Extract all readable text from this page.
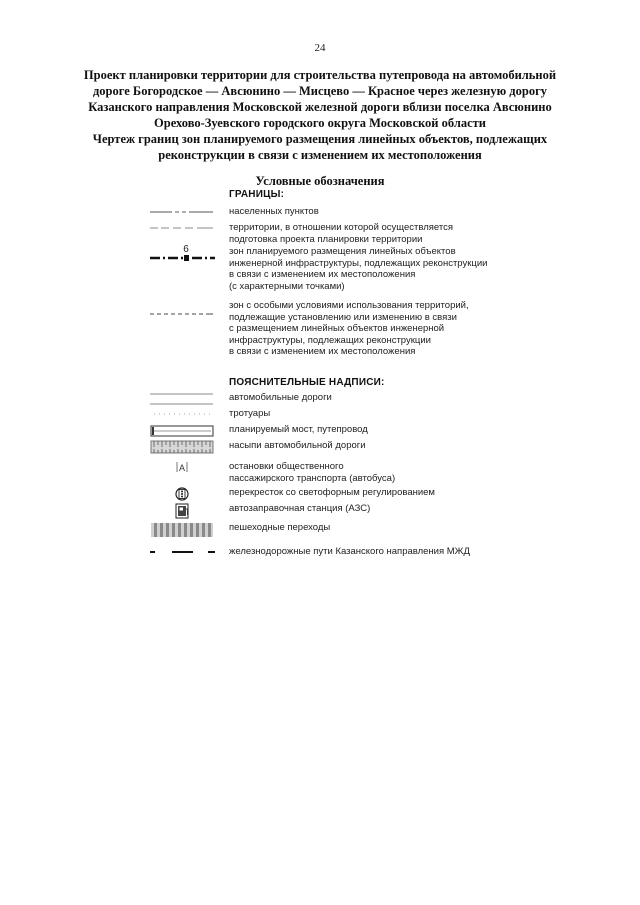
24
Проект планировки территории для строительства путепровода на автомобильной
дороге Богородское — Авсюнино — Мисцево — Красное через железную дорогу
Казанского направления Московской железной дороги вблизи поселка Авсюнино
Орехово-Зуевского городского округа Московской области
Чертеж границ зон планируемого размещения линейных объектов, подлежащих
реконструкции в связи с изменением их местоположения
Условные обозначения
ГРАНИЦЫ:
населенных пунктов
территории, в отношении которой осуществляется
подготовка проекта планировки территории
6	зон планируемого размещения линейных объектов
инженерной инфраструктуры, подлежащих реконструкции
в связи с изменением их местоположения
(с характерными точками)
зон с особыми условиями использования территорий,
подлежащие установлению или изменению в связи
с размещением линейных объектов инженерной
инфраструктуры, подлежащих реконструкции
в связи с изменением их местоположения
ПОЯСНИТЕЛЬНЫЕ НАДПИСИ:
автомобильные дороги
тротуары
планируемый мост, путепровод
насыпи автомобильной дороги
A	остановки общественного
пассажирского транспорта (автобуса)
перекресток со светофорным регулированием
автозаправочная станция (АЗС)
пешеходные переходы
железнодорожные пути Казанского направления МЖД
